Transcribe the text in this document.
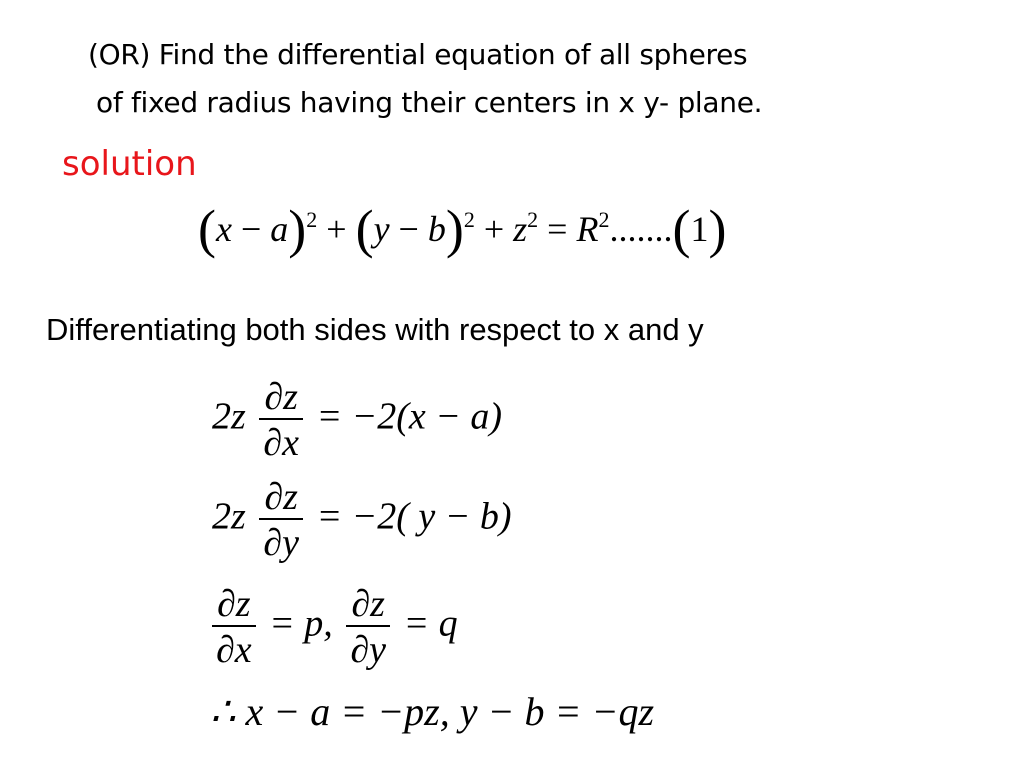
(OR) Find the differential equation of all spheres
of fixed radius having their centers in x y- plane.
solution
$(x - a)^2 + (y - b)^2 + z^2 = R^2.......(1)$
Differentiating both sides with respect to x and y
$2z \frac{\partial z}{\partial x} = -2(x - a)$
$2z \frac{\partial z}{\partial y} = -2$( y − b)
$\frac{\partial z}{\partial x} = p$, $\frac{\partial z}{\partial y} = q$
∴ x − a = −pz, y − b = −qz
